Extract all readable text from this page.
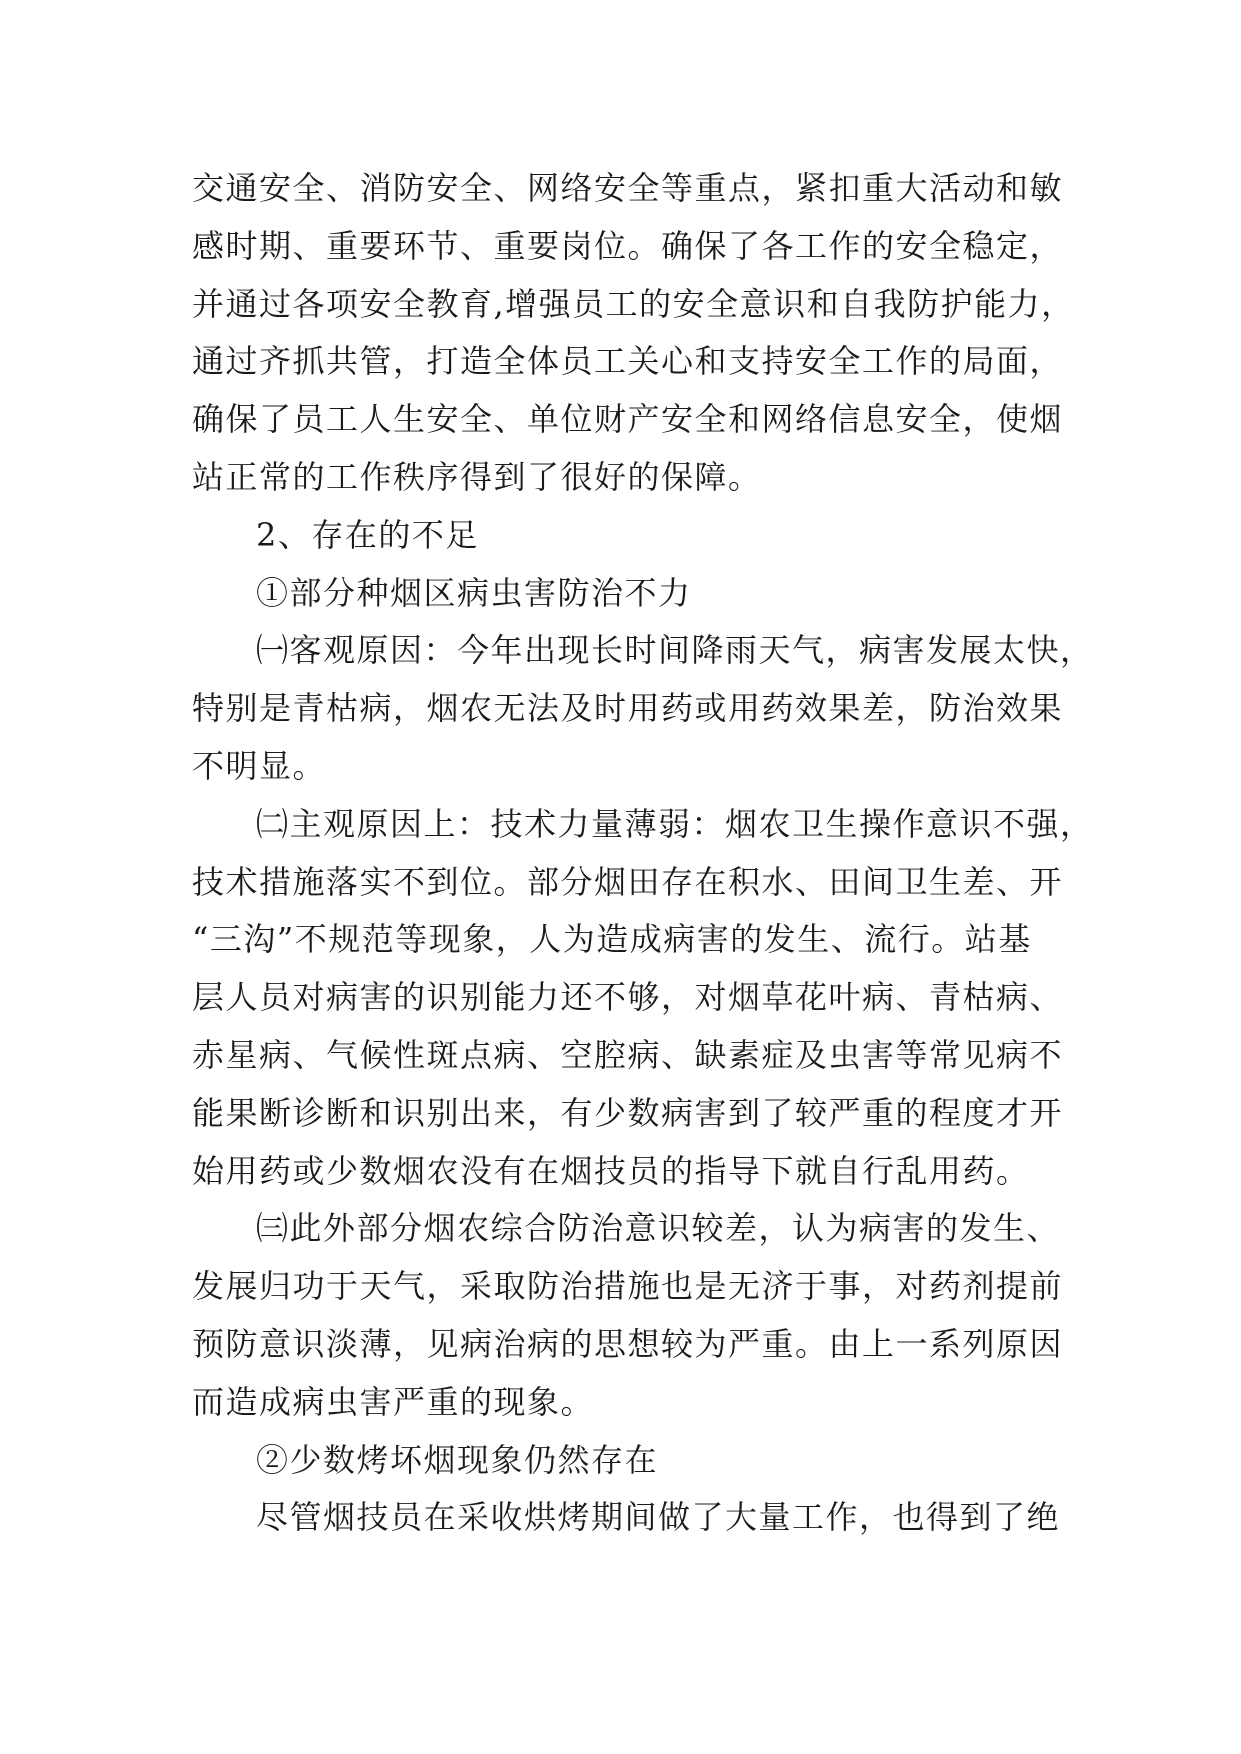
交通安全、消防安全、网络安全等重点，紧扣重大活动和敏
感时期、重要环节、重要岗位。确保了各工作的安全稳定，
并通过各项安全教育,增强员工的安全意识和自我防护能力，
通过齐抓共管，打造全体员工关心和支持安全工作的局面，
确保了员工人生安全、单位财产安全和网络信息安全，使烟
站正常的工作秩序得到了很好的保障。
2、存在的不足
①部分种烟区病虫害防治不力
㈠客观原因：今年出现长时间降雨天气，病害发展太快，
特别是青枯病，烟农无法及时用药或用药效果差，防治效果
不明显。
㈡主观原因上：技术力量薄弱：烟农卫生操作意识不强，
技术措施落实不到位。部分烟田存在积水、田间卫生差、开
“三沟”不规范等现象，人为造成病害的发生、流行。站基
层人员对病害的识别能力还不够，对烟草花叶病、青枯病、
赤星病、气候性斑点病、空腔病、缺素症及虫害等常见病不
能果断诊断和识别出来，有少数病害到了较严重的程度才开
始用药或少数烟农没有在烟技员的指导下就自行乱用药。
㈢此外部分烟农综合防治意识较差，认为病害的发生、
发展归功于天气，采取防治措施也是无济于事，对药剂提前
预防意识淡薄，见病治病的思想较为严重。由上一系列原因
而造成病虫害严重的现象。
②少数烤坏烟现象仍然存在
尽管烟技员在采收烘烤期间做了大量工作，也得到了绝
